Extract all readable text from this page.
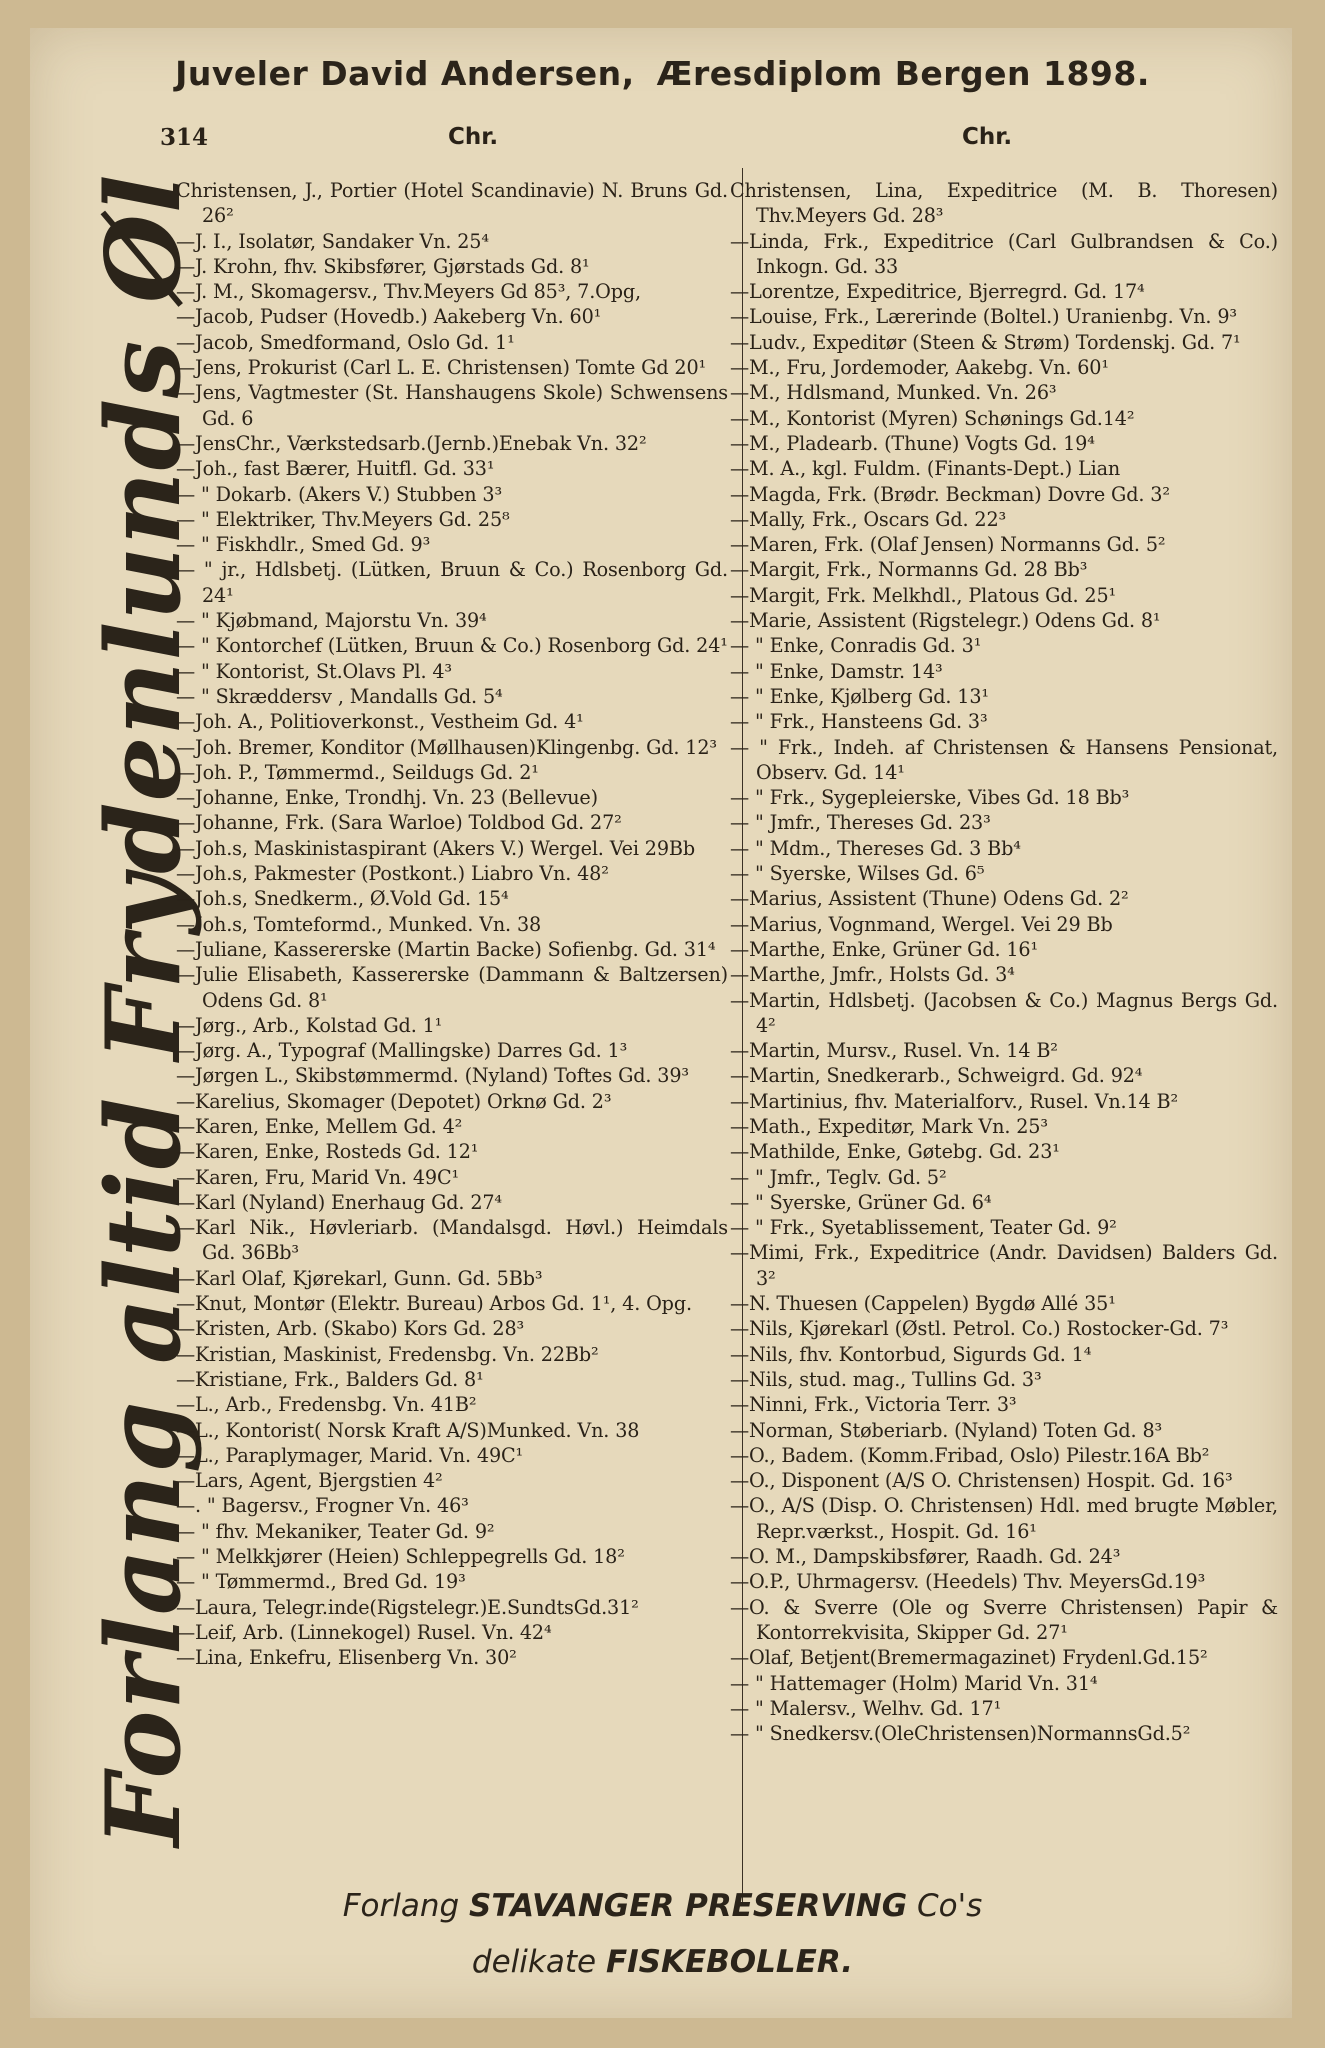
Juveler David Andersen, Æresdiplom Bergen 1898.
314	Chr.	Chr.
Forlang altid Frydenlunds Øl

Christensen, J., Portier (Hotel Scandinavie) N. Bruns Gd. 26²

—J. I., Isolatør, Sandaker Vn. 25⁴

—J. Krohn, fhv. Skibsfører, Gjørstads Gd. 8¹

—J. M., Skomagersv., Thv.Meyers Gd 85³, 7.Opg,

—Jacob, Pudser (Hovedb.) Aakeberg Vn. 60¹

—Jacob, Smedformand, Oslo Gd. 1¹

—Jens, Prokurist (Carl L. E. Christensen) Tomte Gd 20¹

—Jens, Vagtmester (St. Hanshaugens Skole) Schwensens Gd. 6

—JensChr., Værkstedsarb.(Jernb.)Enebak Vn. 32²

—Joh., fast Bærer, Huitfl. Gd. 33¹

— " Dokarb. (Akers V.) Stubben 3³

— " Elektriker, Thv.Meyers Gd. 25⁸

— " Fiskhdlr., Smed Gd. 9³

— " jr., Hdlsbetj. (Lütken, Bruun & Co.) Rosenborg Gd. 24¹

— " Kjøbmand, Majorstu Vn. 39⁴

— " Kontorchef (Lütken, Bruun & Co.) Rosenborg Gd. 24¹

— " Kontorist, St.Olavs Pl. 4³

— " Skræddersv , Mandalls Gd. 5⁴

—Joh. A., Politioverkonst., Vestheim Gd. 4¹

—Joh. Bremer, Konditor (Møllhausen)Klingenbg. Gd. 12³

—Joh. P., Tømmermd., Seildugs Gd. 2¹

—Johanne, Enke, Trondhj. Vn. 23 (Bellevue)

—Johanne, Frk. (Sara Warloe) Toldbod Gd. 27²

—Joh.s, Maskinistaspirant (Akers V.) Wergel. Vei 29Bb

—Joh.s, Pakmester (Postkont.) Liabro Vn. 48²

—Joh.s, Snedkerm., Ø.Vold Gd. 15⁴

—Joh.s, Tomteformd., Munked. Vn. 38

—Juliane, Kassererske (Martin Backe) Sofienbg. Gd. 31⁴

—Julie Elisabeth, Kassererske (Dammann & Baltzersen) Odens Gd. 8¹

—Jørg., Arb., Kolstad Gd. 1¹

—Jørg. A., Typograf (Mallingske) Darres Gd. 1³

—Jørgen L., Skibstømmermd. (Nyland) Toftes Gd. 39³

—Karelius, Skomager (Depotet) Orknø Gd. 2³

—Karen, Enke, Mellem Gd. 4²

—Karen, Enke, Rosteds Gd. 12¹

—Karen, Fru, Marid Vn. 49C¹

—Karl (Nyland) Enerhaug Gd. 27⁴

—Karl Nik., Høvleriarb. (Mandalsgd. Høvl.) Heimdals Gd. 36Bb³

—Karl Olaf, Kjørekarl, Gunn. Gd. 5Bb³

—Knut, Montør (Elektr. Bureau) Arbos Gd. 1¹, 4. Opg.

—Kristen, Arb. (Skabo) Kors Gd. 28³

—Kristian, Maskinist, Fredensbg. Vn. 22Bb²

—Kristiane, Frk., Balders Gd. 8¹

—L., Arb., Fredensbg. Vn. 41B²

—L., Kontorist( Norsk Kraft A/S)Munked. Vn. 38

—L., Paraplymager, Marid. Vn. 49C¹

—Lars, Agent, Bjergstien 4²

—. " Bagersv., Frogner Vn. 46³

— " fhv. Mekaniker, Teater Gd. 9²

— " Melkkjører (Heien) Schleppegrells Gd. 18²

— " Tømmermd., Bred Gd. 19³

—Laura, Telegr.inde(Rigstelegr.)E.SundtsGd.31²

—Leif, Arb. (Linnekogel) Rusel. Vn. 42⁴

—Lina, Enkefru, Elisenberg Vn. 30²

Christensen, Lina, Expeditrice (M. B. Thoresen) Thv.Meyers Gd. 28³

—Linda, Frk., Expeditrice (Carl Gulbrandsen & Co.) Inkogn. Gd. 33

—Lorentze, Expeditrice, Bjerregrd. Gd. 17⁴

—Louise, Frk., Lærerinde (Boltel.) Uranienbg. Vn. 9³

—Ludv., Expeditør (Steen & Strøm) Tordenskj. Gd. 7¹

—M., Fru, Jordemoder, Aakebg. Vn. 60¹

—M., Hdlsmand, Munked. Vn. 26³

—M., Kontorist (Myren) Schønings Gd.14²

—M., Pladearb. (Thune) Vogts Gd. 19⁴

—M. A., kgl. Fuldm. (Finants-Dept.) Lian

—Magda, Frk. (Brødr. Beckman) Dovre Gd. 3²

—Mally, Frk., Oscars Gd. 22³

—Maren, Frk. (Olaf Jensen) Normanns Gd. 5²

—Margit, Frk., Normanns Gd. 28 Bb³

—Margit, Frk. Melkhdl., Platous Gd. 25¹

—Marie, Assistent (Rigstelegr.) Odens Gd. 8¹

— " Enke, Conradis Gd. 3¹

— " Enke, Damstr. 14³

— " Enke, Kjølberg Gd. 13¹

— " Frk., Hansteens Gd. 3³

— " Frk., Indeh. af Christensen & Hansens Pensionat, Observ. Gd. 14¹

— " Frk., Sygepleierske, Vibes Gd. 18 Bb³

— " Jmfr., Thereses Gd. 23³

— " Mdm., Thereses Gd. 3 Bb⁴

— " Syerske, Wilses Gd. 6⁵

—Marius, Assistent (Thune) Odens Gd. 2²

—Marius, Vognmand, Wergel. Vei 29 Bb

—Marthe, Enke, Grüner Gd. 16¹

—Marthe, Jmfr., Holsts Gd. 3⁴

—Martin, Hdlsbetj. (Jacobsen & Co.) Magnus Bergs Gd. 4²

—Martin, Mursv., Rusel. Vn. 14 B²

—Martin, Snedkerarb., Schweigrd. Gd. 92⁴

—Martinius, fhv. Materialforv., Rusel. Vn.14 B²

—Math., Expeditør, Mark Vn. 25³

—Mathilde, Enke, Gøtebg. Gd. 23¹

— " Jmfr., Teglv. Gd. 5²

— " Syerske, Grüner Gd. 6⁴

— " Frk., Syetablissement, Teater Gd. 9²

—Mimi, Frk., Expeditrice (Andr. Davidsen) Balders Gd. 3²

—N. Thuesen (Cappelen) Bygdø Allé 35¹

—Nils, Kjørekarl (Østl. Petrol. Co.) Rostocker-Gd. 7³

—Nils, fhv. Kontorbud, Sigurds Gd. 1⁴

—Nils, stud. mag., Tullins Gd. 3³

—Ninni, Frk., Victoria Terr. 3³

—Norman, Støberiarb. (Nyland) Toten Gd. 8³

—O., Badem. (Komm.Fribad, Oslo) Pilestr.16A Bb²

—O., Disponent (A/S O. Christensen) Hospit. Gd. 16³

—O., A/S (Disp. O. Christensen) Hdl. med brugte Møbler, Repr.værkst., Hospit. Gd. 16¹

—O. M., Dampskibsfører, Raadh. Gd. 24³

—O.P., Uhrmagersv. (Heedels) Thv. MeyersGd.19³

—O. & Sverre (Ole og Sverre Christensen) Papir & Kontorrekvisita, Skipper Gd. 27¹

—Olaf, Betjent(Bremermagazinet) Frydenl.Gd.15²

— " Hattemager (Holm) Marid Vn. 31⁴

— " Malersv., Welhv. Gd. 17¹

— " Snedkersv.(OleChristensen)NormannsGd.5²

Forlang STAVANGER PRESERVING Co's
delikate FISKEBOLLER.
